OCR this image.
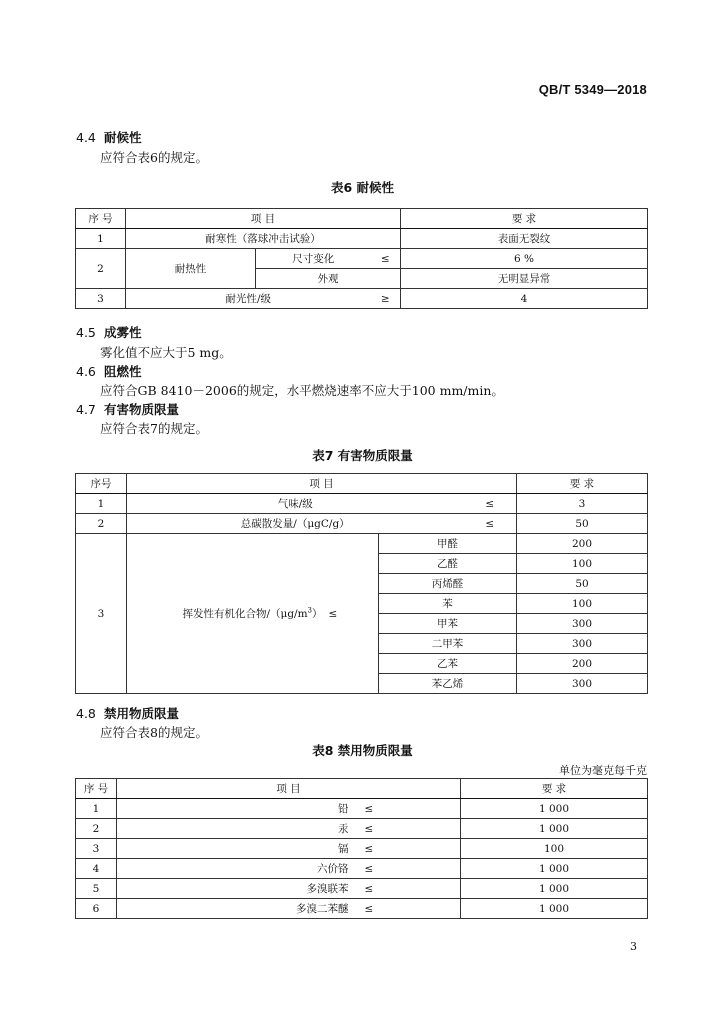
QB/T 5349—2018
4.4 耐候性
应符合表6的规定。
表6 耐候性
序 号	项 目			要 求
1	耐寒性（落球冲击试验）			表面无裂纹
2	耐热性	尺寸变化	≤	6 %
		外观		无明显异常
3	耐光性/级		≥	4
4.5 成雾性
雾化值不应大于5 mg。
4.6 阻燃性
应符合GB 8410－2006的规定，水平燃烧速率不应大于100 mm/min。
4.7 有害物质限量
应符合表7的规定。
表7 有害物质限量
序号	项 目				要 求
1	气味/级			≤	3
2	总碳散发量/（μgC/g）			≤	50
3	挥发性有机化合物$/(\mu g/m^3)$	≤	甲醛		200
			乙醛		100
			丙烯醛		50
			苯		100
			甲苯		300
			二甲苯		300
			乙苯		200
			苯乙烯		300
4.8 禁用物质限量
应符合表8的规定。
表8 禁用物质限量
单位为毫克每千克
序 号	项 目		要 求
1	铅	≤	1 000
2	汞	≤	1 000
3	镉	≤	100
4	六价铬	≤	1 000
5	多溴联苯	≤	1 000
6	多溴二苯醚	≤	1 000
3
